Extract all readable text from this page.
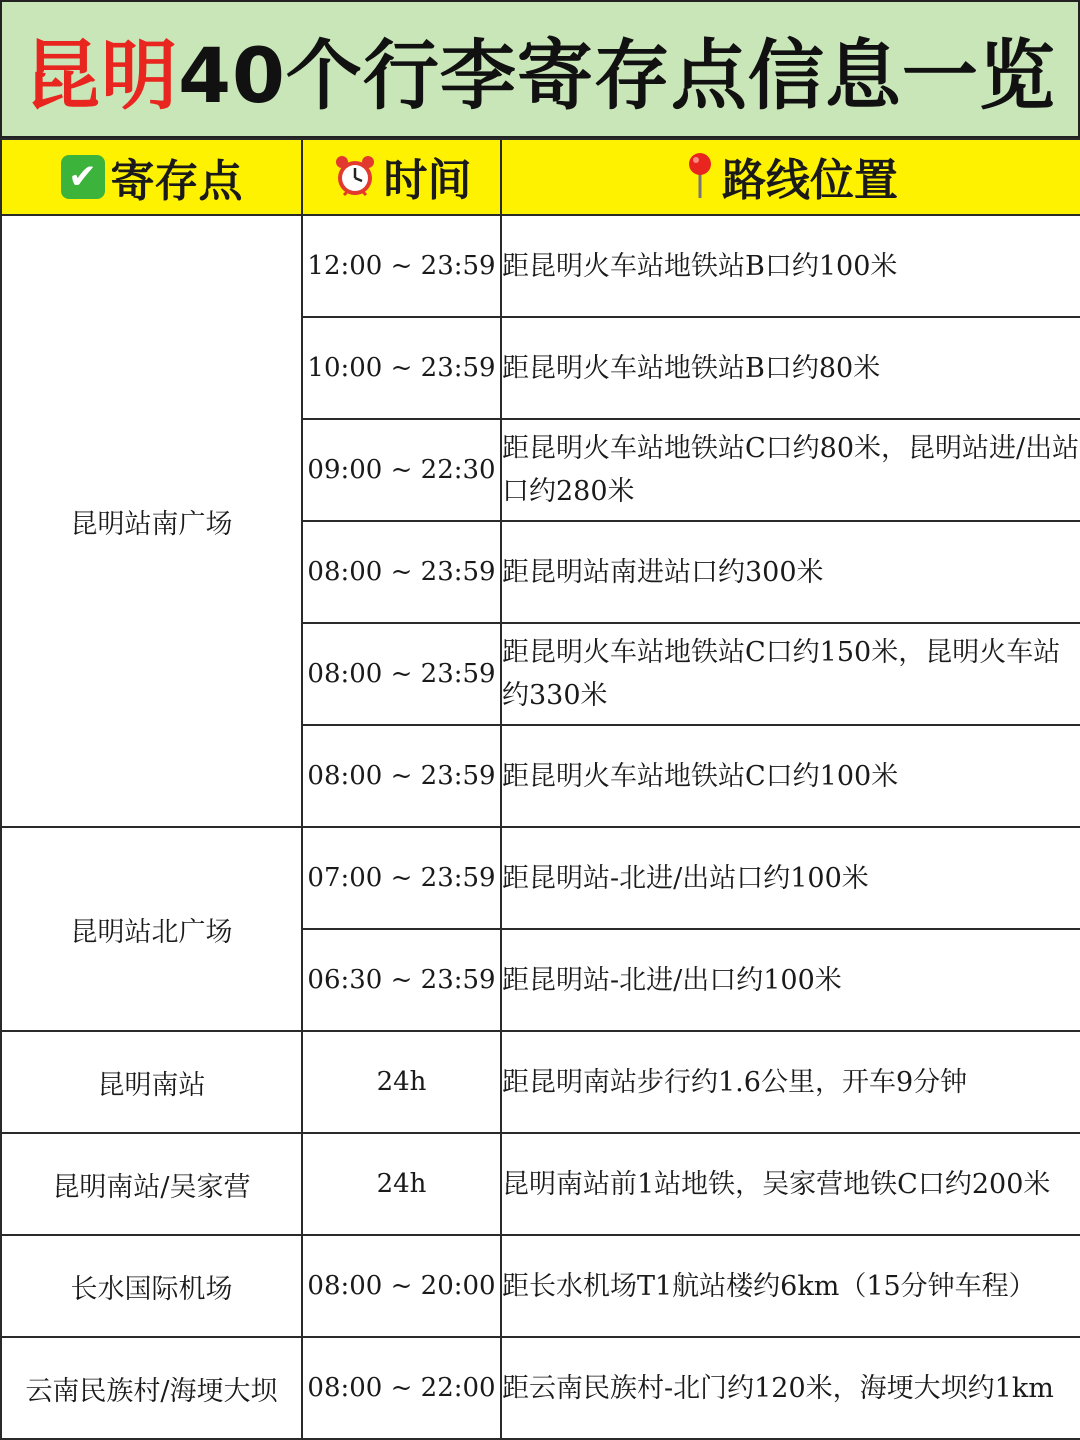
昆明 40个行李寄存点信息一览
✔ 寄存点	时间	路线位置

昆明站南广场	12:00 ~ 23:59	距昆明火车站地铁站B口约100米
	10:00 ~ 23:59	距昆明火车站地铁站B口约80米
	09:00 ~ 22:30	距昆明火车站地铁站C口约80米，昆明站进/出站口约280米
	08:00 ~ 23:59	距昆明站南进站口约300米
	08:00 ~ 23:59	距昆明火车站地铁站C口约150米，昆明火车站约330米
	08:00 ~ 23:59	距昆明火车站地铁站C口约100米
昆明站北广场	07:00 ~ 23:59	距昆明站-北进/出站口约100米
	06:30 ~ 23:59	距昆明站-北进/出口约100米
昆明南站	24h	距昆明南站步行约1.6公里，开车9分钟
昆明南站/吴家营	24h	昆明南站前1站地铁，吴家营地铁C口约200米
长水国际机场	08:00 ~ 20:00	距长水机场T1航站楼约6km（15分钟车程）
云南民族村/海埂大坝	08:00 ~ 22:00	距云南民族村-北门约120米，海埂大坝约1km
